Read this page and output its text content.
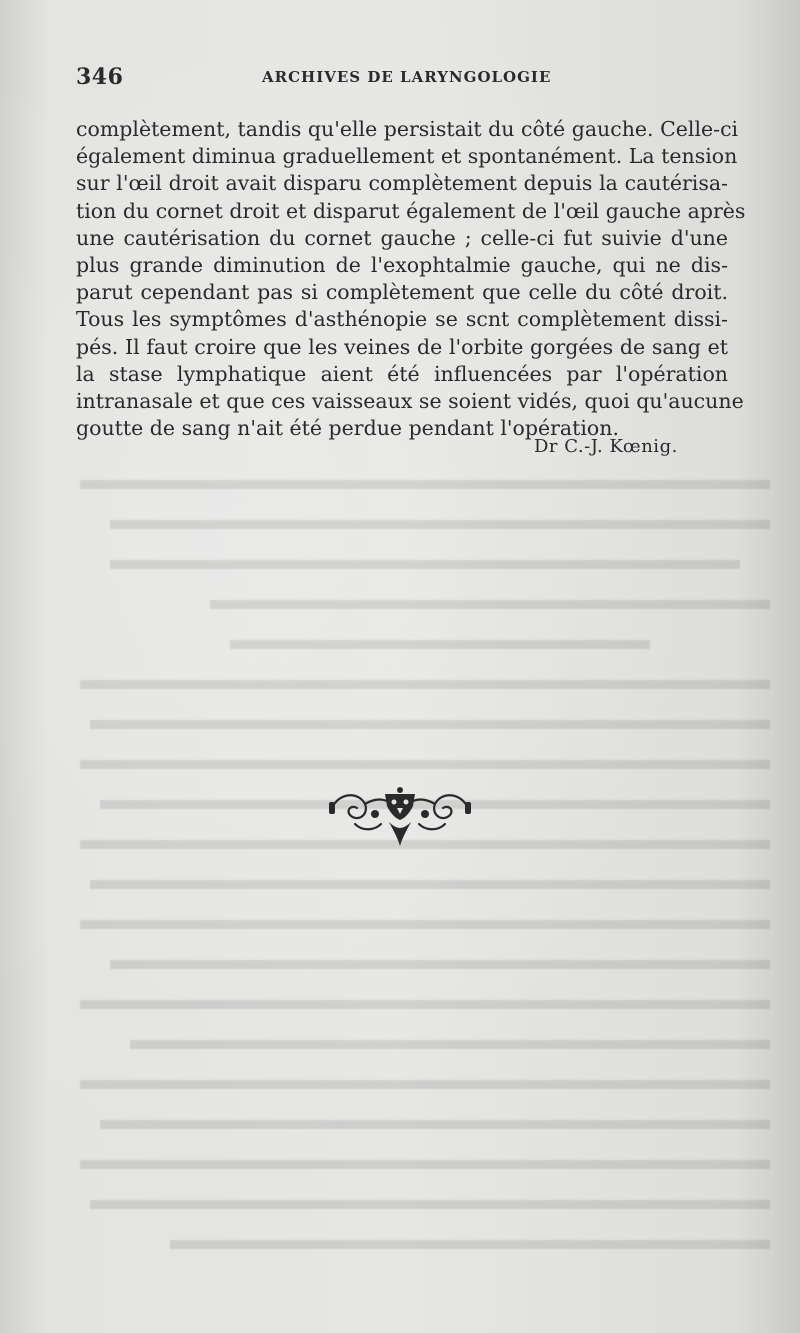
346	ARCHIVES DE LARYNGOLOGIE
complètement, tandis qu'elle persistait du côté gauche. Celle-ci
également diminua graduellement et spontanément. La tension
sur l'œil droit avait disparu complètement depuis la cautérisa-
tion du cornet droit et disparut également de l'œil gauche après
une cautérisation du cornet gauche ; celle-ci fut suivie d'une
plus grande diminution de l'exophtalmie gauche, qui ne dis-
parut cependant pas si complètement que celle du côté droit.
Tous les symptômes d'asthénopie se scnt complètement dissi-
pés. Il faut croire que les veines de l'orbite gorgées de sang et
la stase lymphatique aient été influencées par l'opération
intranasale et que ces vaisseaux se soient vidés, quoi qu'aucune
goutte de sang n'ait été perdue pendant l'opération.
Dr C.-J. Kœnig.
